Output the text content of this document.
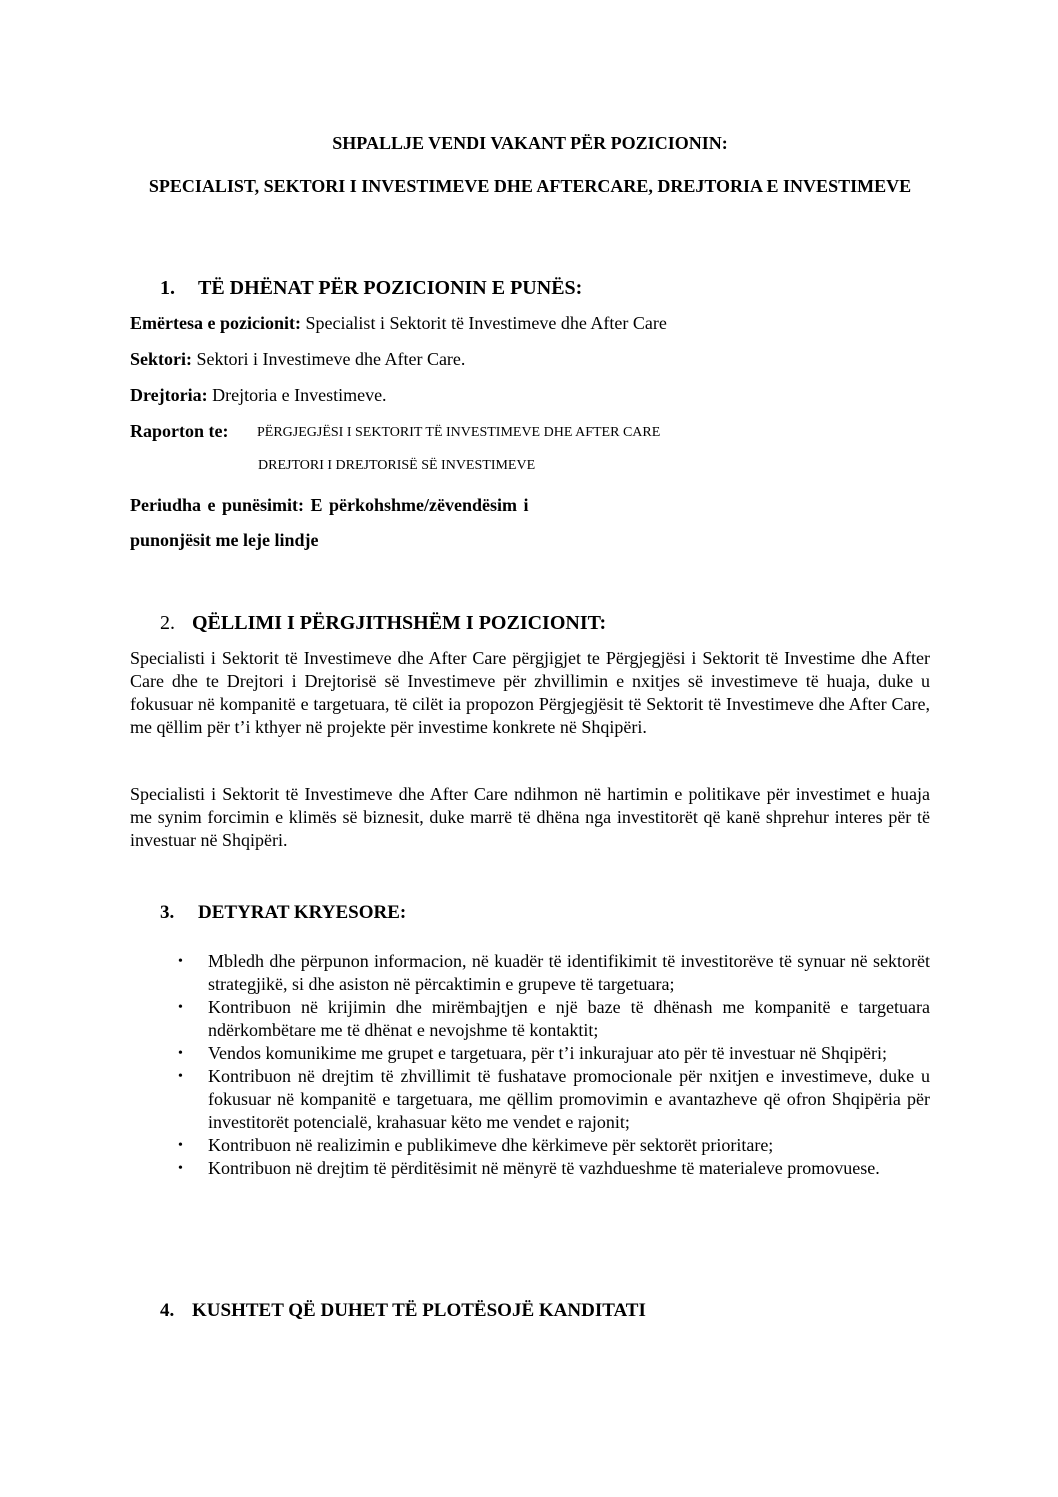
SHPALLJE VENDI VAKANT PËR POZICIONIN:

SPECIALIST, SEKTORI I INVESTIMEVE DHE AFTERCARE, DREJTORIA E INVESTIMEVE

1. TË DHËNAT PËR POZICIONIN E PUNËS:

Emërtesa e pozicionit: Specialist i Sektorit të Investimeve dhe After Care

Sektori: Sektori i Investimeve dhe After Care.

Drejtoria: Drejtoria e Investimeve.

Raporton te: PËRGJEGJËSI I SEKTORIT TË INVESTIMEVE DHE AFTER CARE

DREJTORI I DREJTORISË SË INVESTIMEVE

Periudha e punësimit: E përkohshme/zëvendësim i

punonjësit me leje lindje

2. QËLLIMI I PËRGJITHSHËM I POZICIONIT:

Specialisti i Sektorit të Investimeve dhe After Care përgjigjet te Përgjegjësi i Sektorit të Investime dhe After Care dhe te Drejtori i Drejtorisë së Investimeve për zhvillimin e nxitjes së investimeve të huaja, duke u fokusuar në kompanitë e targetuara, të cilët ia propozon Përgjegjësit të Sektorit të Investimeve dhe After Care, me qëllim për t’i kthyer në projekte për investime konkrete në Shqipëri.

Specialisti i Sektorit të Investimeve dhe After Care ndihmon në hartimin e politikave për investimet e huaja me synim forcimin e klimës së biznesit, duke marrë të dhëna nga investitorët që kanë shprehur interes për të investuar në Shqipëri.

3. DETYRAT KRYESORE:

• Mbledh dhe përpunon informacion, në kuadër të identifikimit të investitorëve të synuar në sektorët strategjikë, si dhe asiston në përcaktimin e grupeve të targetuara;
• Kontribuon në krijimin dhe mirëmbajtjen e një baze të dhënash me kompanitë e targetuara ndërkombëtare me të dhënat e nevojshme të kontaktit;
• Vendos komunikime me grupet e targetuara, për t’i inkurajuar ato për të investuar në Shqipëri;
• Kontribuon në drejtim të zhvillimit të fushatave promocionale për nxitjen e investimeve, duke u fokusuar në kompanitë e targetuara, me qëllim promovimin e avantazheve që ofron Shqipëria për investitorët potencialë, krahasuar këto me vendet e rajonit;
• Kontribuon në realizimin e publikimeve dhe kërkimeve për sektorët prioritare;
• Kontribuon në drejtim të përditësimit në mënyrë të vazhdueshme të materialeve promovuese.

4. KUSHTET QË DUHET TË PLOTËSOJË KANDITATI
